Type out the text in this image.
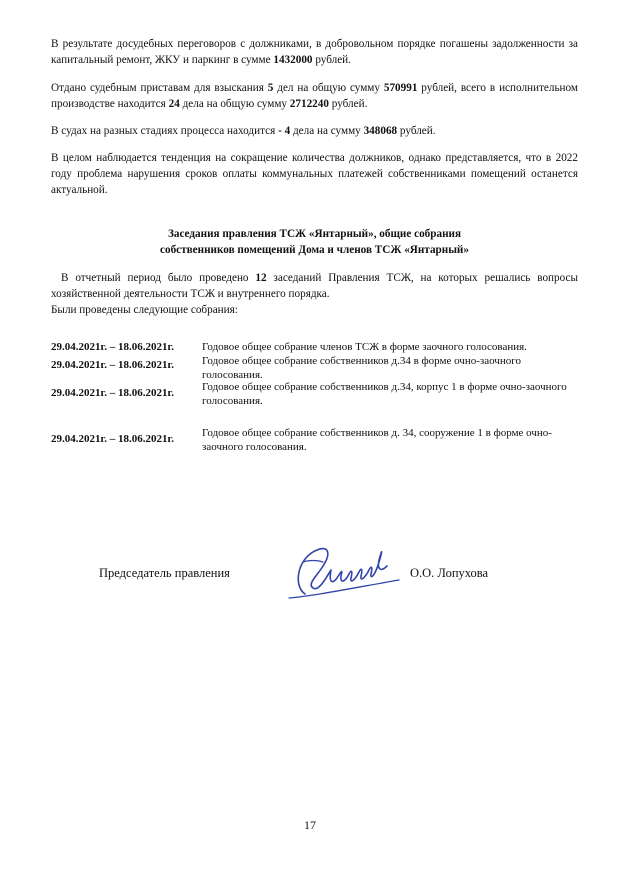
В результате досудебных переговоров с должниками, в добровольном порядке погашены задолженности за капитальный ремонт, ЖКУ и паркинг в сумме 1432000 рублей.

Отдано судебным приставам для взыскания 5 дел на общую сумму 570991 рублей, всего в исполнительном производстве находится 24 дела на общую сумму 2712240 рублей.

В судах на разных стадиях процесса находится - 4 дела на сумму 348068 рублей.

В целом наблюдается тенденция на сокращение количества должников, однако представляется, что в 2022 году проблема нарушения сроков оплаты коммунальных платежей собственниками помещений останется актуальной.

Заседания правления ТСЖ «Янтарный», общие собрания
собственников помещений Дома и членов ТСЖ «Янтарный»

В отчетный период было проведено 12 заседаний Правления ТСЖ, на которых решались вопросы хозяйственной деятельности ТСЖ и внутреннего порядка.

Были проведены следующие собрания:

29.04.2021г. – 18.06.2021г.	Годовое общее собрание членов ТСЖ в форме заочного голосования.
29.04.2021г. – 18.06.2021г.	Годовое общее собрание собственников д.34 в форме очно-заочного голосования.
29.04.2021г. – 18.06.2021г.	Годовое общее собрание собственников д.34, корпус 1 в форме очно-заочного голосования.
29.04.2021г. – 18.06.2021г.	Годовое общее собрание собственников д. 34, сооружение 1 в форме очно-заочного голосования.
Председатель правления	О.О. Лопухова
17
